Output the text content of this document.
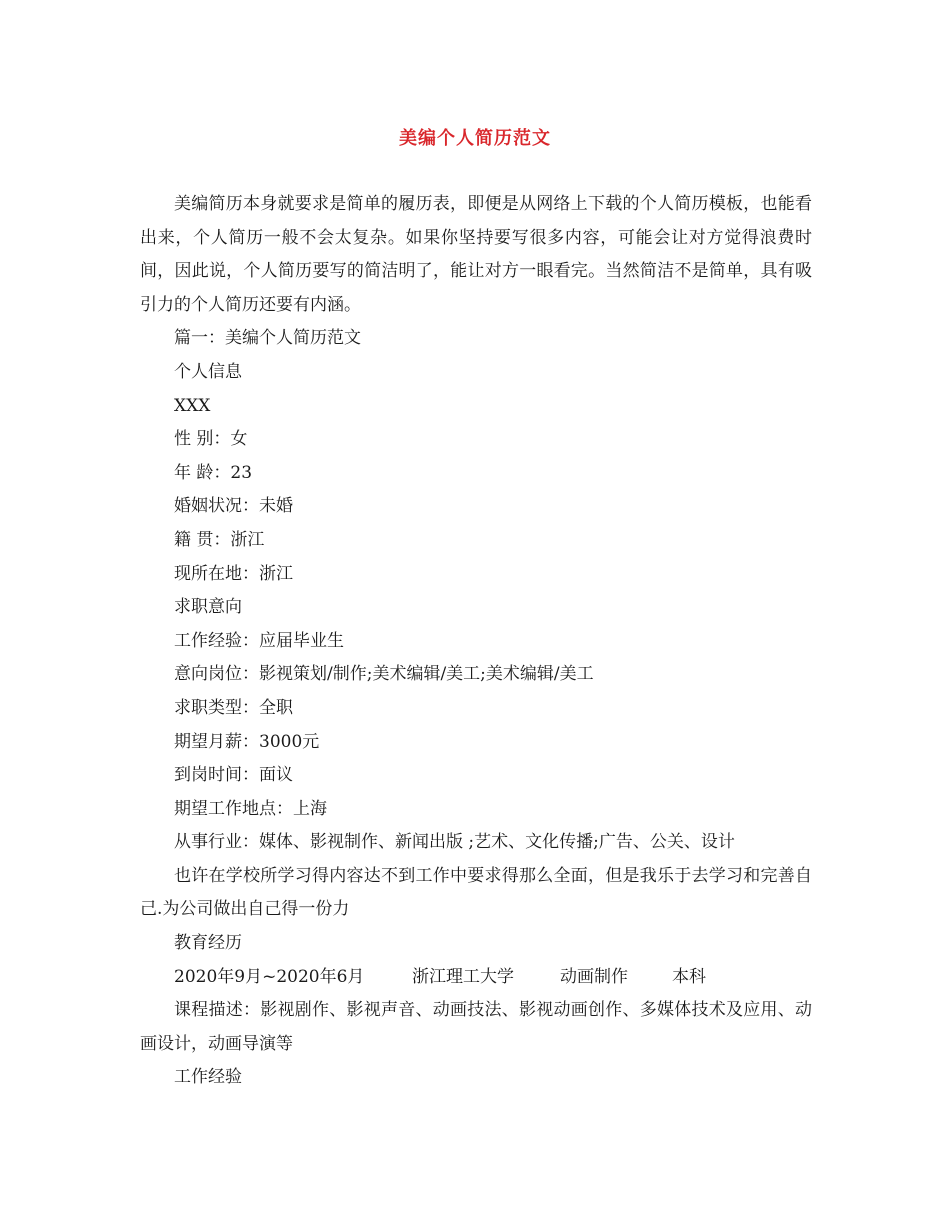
美编个人简历范文

美编简历本身就要求是简单的履历表，即便是从网络上下载的个人简历模板，也能看出来，个人简历一般不会太复杂。如果你坚持要写很多内容，可能会让对方觉得浪费时间，因此说，个人简历要写的简洁明了，能让对方一眼看完。当然简洁不是简单，具有吸引力的个人简历还要有内涵。

篇一：美编个人简历范文

个人信息

XXX

性 别：女

年 龄：23

婚姻状况：未婚

籍 贯：浙江

现所在地：浙江

求职意向

工作经验：应届毕业生

意向岗位：影视策划/制作;美术编辑/美工;美术编辑/美工

求职类型：全职

期望月薪：3000元

到岗时间：面议

期望工作地点：上海

从事行业：媒体、影视制作、新闻出版 ;艺术、文化传播;广告、公关、设计

也许在学校所学习得内容达不到工作中要求得那么全面，但是我乐于去学习和完善自己.为公司做出自己得一份力

教育经历

2020年9月~2020年6月	浙江理工大学	动画制作	本科

课程描述：影视剧作、影视声音、动画技法、影视动画创作、多媒体技术及应用、动画设计，动画导演等

工作经验
